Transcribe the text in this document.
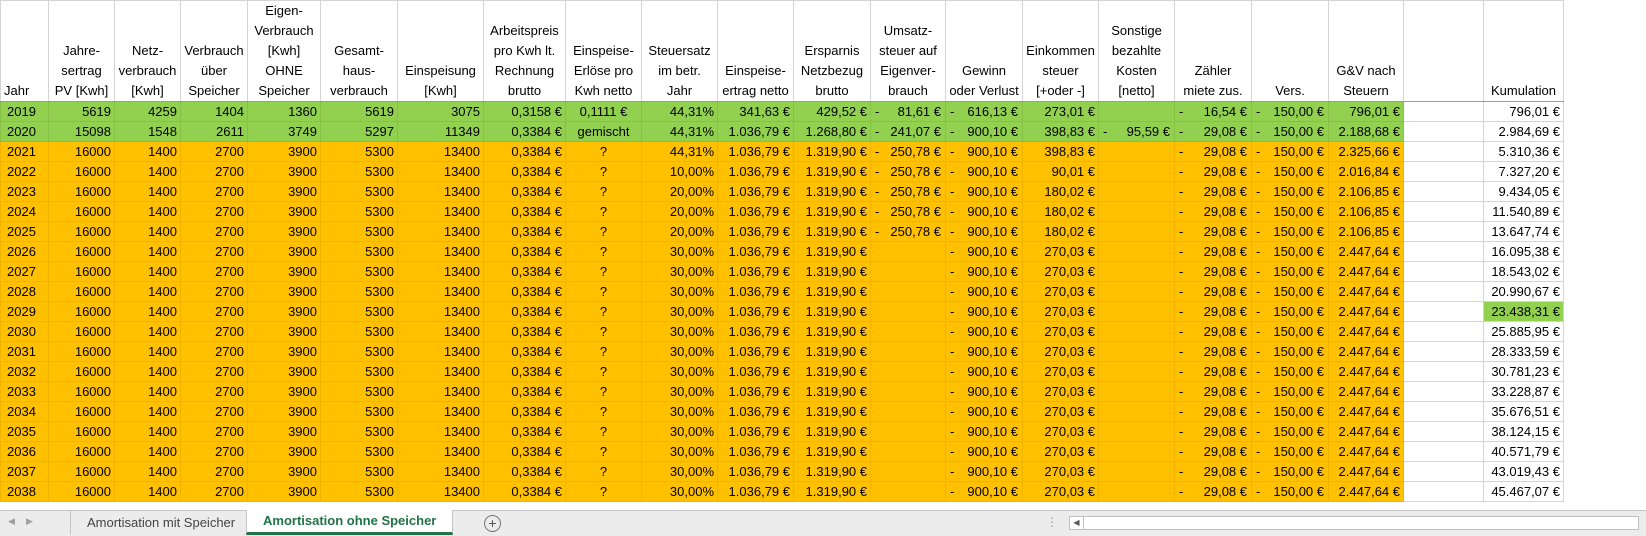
Jahr	Jahre-sertrag PV [Kwh]	Netz-verbrauch [Kwh]	Verbrauch über Speicher	Eigen-Verbrauch [Kwh] OHNE Speicher	Gesamt-haus-verbrauch	Einspeisung [Kwh]	Arbeitspreis pro Kwh lt. Rechnung brutto	Einspeise-Erlöse pro Kwh netto	Steuersatz im betr. Jahr	Einspeise-ertrag netto	Ersparnis Netzbezug brutto	Umsatz-steuer auf Eigenver-brauch	Gewinn oder Verlust	Einkommen steuer [+oder -]	Sonstige bezahlte Kosten [netto]	Zähler miete zus.	Vers.	G&V nach Steuern		Kumulation
2019	5619	4259	1404	1360	5619	3075	0,3158 €	0,1111 €	44,31%	341,63 €	429,52 €	- 81,61 €	- 616,13 €	273,01 €		- 16,54 €	- 150,00 €	796,01 €		796,01 €
2020	15098	1548	2611	3749	5297	11349	0,3384 €	gemischt	44,31%	1.036,79 €	1.268,80 €	- 241,07 €	- 900,10 €	398,83 €	- 95,59 €	- 29,08 €	- 150,00 €	2.188,68 €		2.984,69 €
2021	16000	1400	2700	3900	5300	13400	0,3384 €	?	44,31%	1.036,79 €	1.319,90 €	- 250,78 €	- 900,10 €	398,83 €		- 29,08 €	- 150,00 €	2.325,66 €		5.310,36 €
2022	16000	1400	2700	3900	5300	13400	0,3384 €	?	10,00%	1.036,79 €	1.319,90 €	- 250,78 €	- 900,10 €	90,01 €		- 29,08 €	- 150,00 €	2.016,84 €		7.327,20 €
2023	16000	1400	2700	3900	5300	13400	0,3384 €	?	20,00%	1.036,79 €	1.319,90 €	- 250,78 €	- 900,10 €	180,02 €		- 29,08 €	- 150,00 €	2.106,85 €		9.434,05 €
2024	16000	1400	2700	3900	5300	13400	0,3384 €	?	20,00%	1.036,79 €	1.319,90 €	- 250,78 €	- 900,10 €	180,02 €		- 29,08 €	- 150,00 €	2.106,85 €		11.540,89 €
2025	16000	1400	2700	3900	5300	13400	0,3384 €	?	20,00%	1.036,79 €	1.319,90 €	- 250,78 €	- 900,10 €	180,02 €		- 29,08 €	- 150,00 €	2.106,85 €		13.647,74 €
2026	16000	1400	2700	3900	5300	13400	0,3384 €	?	30,00%	1.036,79 €	1.319,90 €		- 900,10 €	270,03 €		- 29,08 €	- 150,00 €	2.447,64 €		16.095,38 €
2027	16000	1400	2700	3900	5300	13400	0,3384 €	?	30,00%	1.036,79 €	1.319,90 €		- 900,10 €	270,03 €		- 29,08 €	- 150,00 €	2.447,64 €		18.543,02 €
2028	16000	1400	2700	3900	5300	13400	0,3384 €	?	30,00%	1.036,79 €	1.319,90 €		- 900,10 €	270,03 €		- 29,08 €	- 150,00 €	2.447,64 €		20.990,67 €
2029	16000	1400	2700	3900	5300	13400	0,3384 €	?	30,00%	1.036,79 €	1.319,90 €		- 900,10 €	270,03 €		- 29,08 €	- 150,00 €	2.447,64 €		23.438,31 €
2030	16000	1400	2700	3900	5300	13400	0,3384 €	?	30,00%	1.036,79 €	1.319,90 €		- 900,10 €	270,03 €		- 29,08 €	- 150,00 €	2.447,64 €		25.885,95 €
2031	16000	1400	2700	3900	5300	13400	0,3384 €	?	30,00%	1.036,79 €	1.319,90 €		- 900,10 €	270,03 €		- 29,08 €	- 150,00 €	2.447,64 €		28.333,59 €
2032	16000	1400	2700	3900	5300	13400	0,3384 €	?	30,00%	1.036,79 €	1.319,90 €		- 900,10 €	270,03 €		- 29,08 €	- 150,00 €	2.447,64 €		30.781,23 €
2033	16000	1400	2700	3900	5300	13400	0,3384 €	?	30,00%	1.036,79 €	1.319,90 €		- 900,10 €	270,03 €		- 29,08 €	- 150,00 €	2.447,64 €		33.228,87 €
2034	16000	1400	2700	3900	5300	13400	0,3384 €	?	30,00%	1.036,79 €	1.319,90 €		- 900,10 €	270,03 €		- 29,08 €	- 150,00 €	2.447,64 €		35.676,51 €
2035	16000	1400	2700	3900	5300	13400	0,3384 €	?	30,00%	1.036,79 €	1.319,90 €		- 900,10 €	270,03 €		- 29,08 €	- 150,00 €	2.447,64 €		38.124,15 €
2036	16000	1400	2700	3900	5300	13400	0,3384 €	?	30,00%	1.036,79 €	1.319,90 €		- 900,10 €	270,03 €		- 29,08 €	- 150,00 €	2.447,64 €		40.571,79 €
2037	16000	1400	2700	3900	5300	13400	0,3384 €	?	30,00%	1.036,79 €	1.319,90 €		- 900,10 €	270,03 €		- 29,08 €	- 150,00 €	2.447,64 €		43.019,43 €
2038	16000	1400	2700	3900	5300	13400	0,3384 €	?	30,00%	1.036,79 €	1.319,90 €		- 900,10 €	270,03 €		- 29,08 €	- 150,00 €	2.447,64 €		45.467,07 €
◀ ▶	Amortisation mit Speicher	Amortisation ohne Speicher	+	⋮	◀
